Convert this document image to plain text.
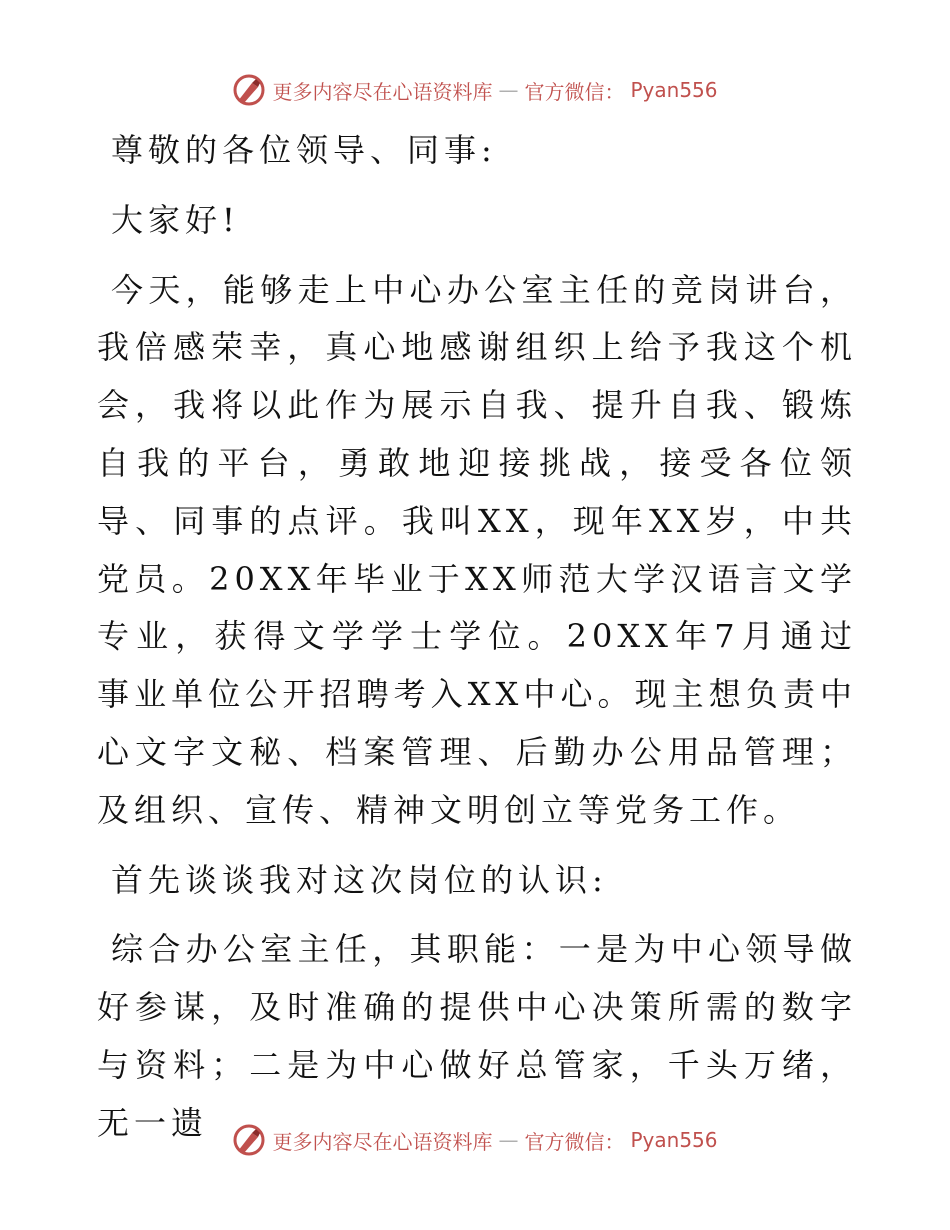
更多内容尽在心语资料库 — 官方微信： Pyan556

尊敬的各位领导、同事:

大家好!

今天，能够走上中心办公室主任的竞岗讲台，我倍感荣幸，真心地感谢组织上给予我这个机会，我将以此作为展示自我、提升自我、锻炼自我的平台，勇敢地迎接挑战，接受各位领导、同事的点评。我叫XX，现年XX岁，中共党员。20XX年毕业于XX师范大学汉语言文学专业，获得文学学士学位。20XX年7月通过事业单位公开招聘考入XX中心。现主想负责中心文字文秘、档案管理、后勤办公用品管理；及组织、宣传、精神文明创立等党务工作。

首先谈谈我对这次岗位的认识:

综合办公室主任，其职能：一是为中心领导做好参谋，及时准确的提供中心决策所需的数字与资料；二是为中心做好总管家，千头万绪，无一遗	更多内容尽在心语资料库 — 官方微信： Pyan556
